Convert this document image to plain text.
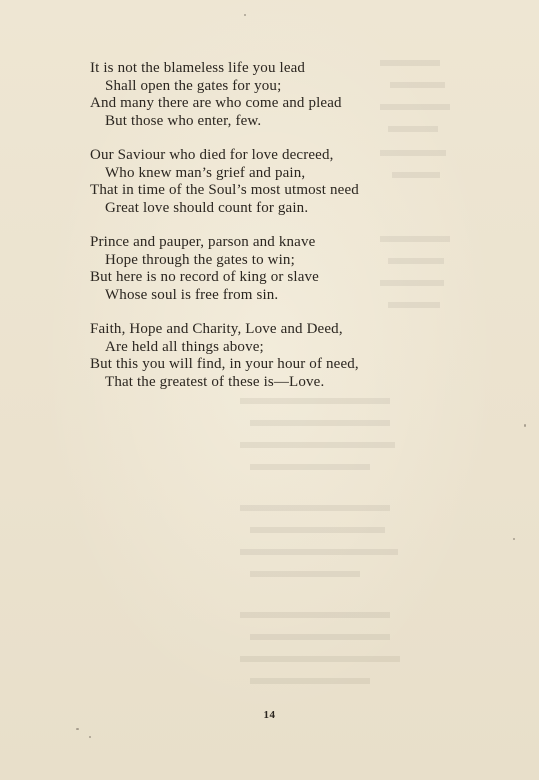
It is not the blameless life you lead
Shall open the gates for you;
And many there are who come and plead
But those who enter, few.
Our Saviour who died for love decreed,
Who knew man’s grief and pain,
That in time of the Soul’s most utmost need
Great love should count for gain.
Prince and pauper, parson and knave
Hope through the gates to win;
But here is no record of king or slave
Whose soul is free from sin.
Faith, Hope and Charity, Love and Deed,
Are held all things above;
But this you will find, in your hour of need,
That the greatest of these is—Love.
14
